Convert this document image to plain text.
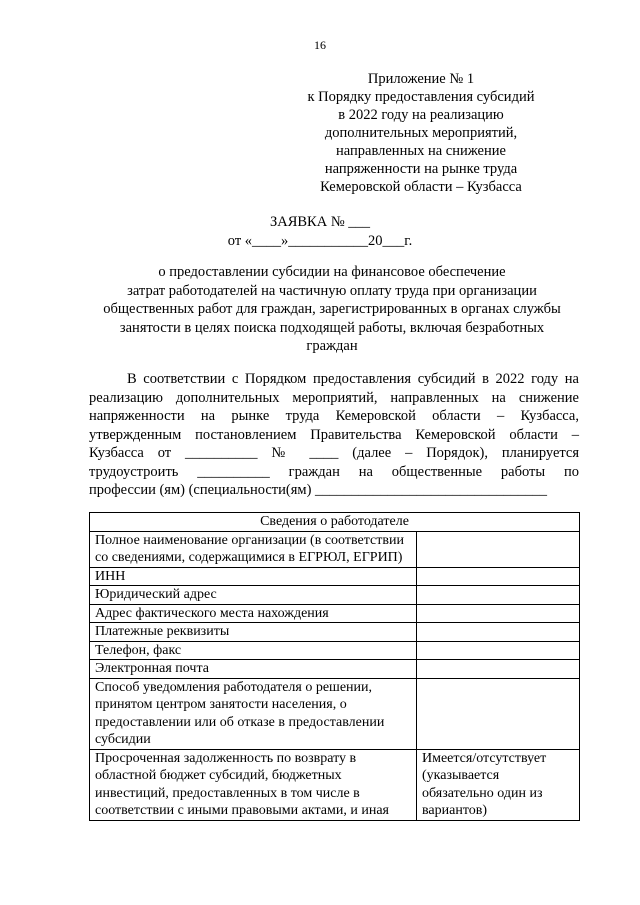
16
Приложение № 1
к Порядку предоставления субсидий
в 2022 году на реализацию
дополнительных мероприятий,
направленных на снижение
напряженности на рынке труда
Кемеровской области – Кузбасса
ЗАЯВКА № ___
от «____»___________20___г.
о предоставлении субсидии на финансовое обеспечение
затрат работодателей на частичную оплату труда при организации
общественных работ для граждан, зарегистрированных в органах службы
занятости в целях поиска подходящей работы, включая безработных
граждан
В соответствии с Порядком предоставления субсидий в 2022 году на
реализацию дополнительных мероприятий, направленных на снижение
напряженности на рынке труда Кемеровской области – Кузбасса,
утвержденным постановлением Правительства Кемеровской области –
Кузбасса от __________ № ____ (далее – Порядок), планируется
трудоустроить __________ граждан на общественные работы по
профессии (ям) (специальности(ям) ________________________________
Сведения о работодателе	
Полное наименование организации (в соответствии со сведениями, содержащимися в ЕГРЮЛ, ЕГРИП)	
ИНН	
Юридический адрес	
Адрес фактического места нахождения	
Платежные реквизиты	
Телефон, факс	
Электронная почта	
Способ уведомления работодателя о решении, принятом центром занятости населения, о предоставлении или об отказе в предоставлении субсидии	
Просроченная задолженность по возврату в областной бюджет субсидий, бюджетных инвестиций, предоставленных в том числе в соответствии с иными правовыми актами, и иная	Имеется/отсутствует (указывается обязательно один из вариантов)
